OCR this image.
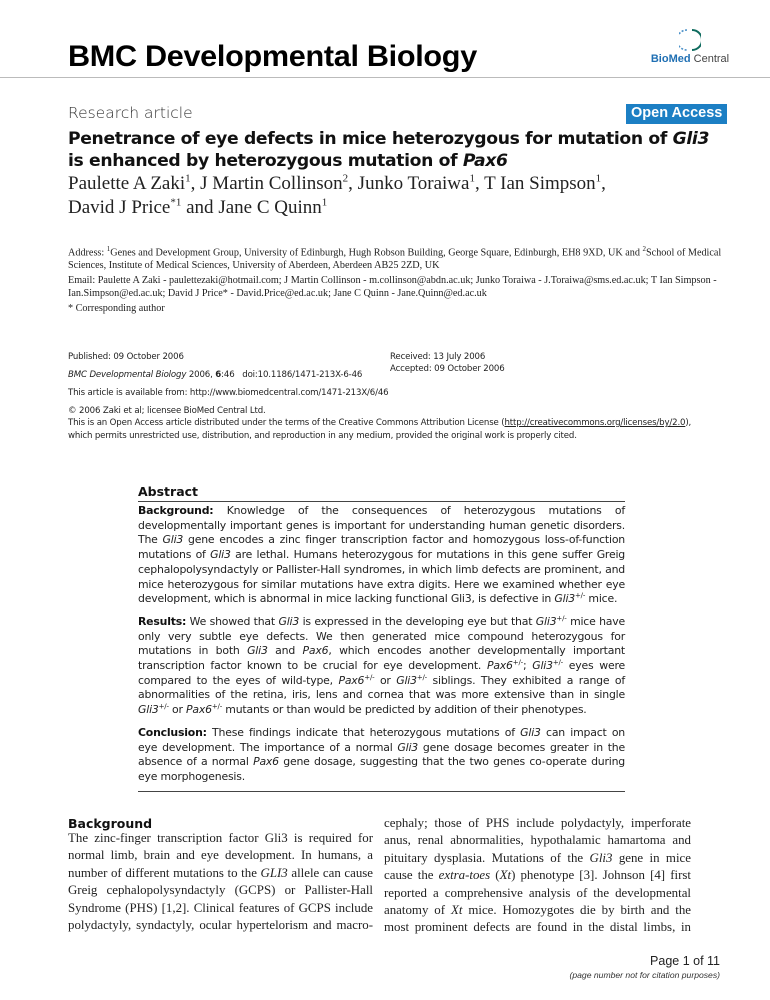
BMC Developmental Biology	BioMed Central
Research article	Open Access
Penetrance of eye defects in mice heterozygous for mutation of Gli3
is enhanced by heterozygous mutation of Pax6
Paulette A Zaki$^1$, J Martin Collinson$^2$, Junko Toraiwa$^1$, T Ian Simpson$^1$,
David J Price$^{*1}$ and Jane C Quinn$^1$
Address: $^1$Genes and Development Group, University of Edinburgh, Hugh Robson Building, George Square, Edinburgh, EH8 9XD, UK and $^2$School of Medical Sciences, Institute of Medical Sciences, University of Aberdeen, Aberdeen AB25 2ZD, UK
Email: Paulette A Zaki - paulettezaki@hotmail.com; J Martin Collinson - m.collinson@abdn.ac.uk; Junko Toraiwa - J.Toraiwa@sms.ed.ac.uk; T Ian Simpson - Ian.Simpson@ed.ac.uk; David J Price* - David.Price@ed.ac.uk; Jane C Quinn - Jane.Quinn@ed.ac.uk
* Corresponding author
Published: 09 October 2006
BMC Developmental Biology 2006, 6:46 doi:10.1186/1471-213X-6-46
This article is available from: http://www.biomedcentral.com/1471-213X/6/46
Received: 13 July 2006
Accepted: 09 October 2006
© 2006 Zaki et al; licensee BioMed Central Ltd.
This is an Open Access article distributed under the terms of the Creative Commons Attribution License (http://creativecommons.org/licenses/by/2.0),
which permits unrestricted use, distribution, and reproduction in any medium, provided the original work is properly cited.
Abstract
Background: Knowledge of the consequences of heterozygous mutations of developmentally important genes is important for understanding human genetic disorders. The Gli3 gene encodes a zinc finger transcription factor and homozygous loss-of-function mutations of Gli3 are lethal. Humans heterozygous for mutations in this gene suffer Greig cephalopolysyndactyly or Pallister-Hall syndromes, in which limb defects are prominent, and mice heterozygous for similar mutations have extra digits. Here we examined whether eye development, which is abnormal in mice lacking functional Gli3, is defective in Gli3+/- mice.
Results: We showed that Gli3 is expressed in the developing eye but that Gli3+/- mice have only very subtle eye defects. We then generated mice compound heterozygous for mutations in both Gli3 and Pax6, which encodes another developmentally important transcription factor known to be crucial for eye development. Pax6+/-; Gli3+/- eyes were compared to the eyes of wild-type, Pax6+/- or Gli3+/- siblings. They exhibited a range of abnormalities of the retina, iris, lens and cornea that was more extensive than in single Gli3+/- or Pax6+/- mutants or than would be predicted by addition of their phenotypes.
Conclusion: These findings indicate that heterozygous mutations of Gli3 can impact on eye development. The importance of a normal Gli3 gene dosage becomes greater in the absence of a normal Pax6 gene dosage, suggesting that the two genes co-operate during eye morphogenesis.
Background
The zinc-finger transcription factor Gli3 is required for
normal limb, brain and eye development. In humans, a
number of different mutations to the GLI3 allele can cause
Greig cephalopolysyndactyly (GCPS) or Pallister-Hall
Syndrome (PHS) [1,2]. Clinical features of GCPS include
polydactyly, syndactyly, ocular hypertelorism and macro-
cephaly; those of PHS include polydactyly, imperforate
anus, renal abnormalities, hypothalamic hamartoma and
pituitary dysplasia. Mutations of the Gli3 gene in mice
cause the extra-toes (Xt) phenotype [3]. Johnson [4] first
reported a comprehensive analysis of the developmental
anatomy of Xt mice. Homozygotes die by birth and the
most prominent defects are found in the distal limbs, in
Page 1 of 11
(page number not for citation purposes)
